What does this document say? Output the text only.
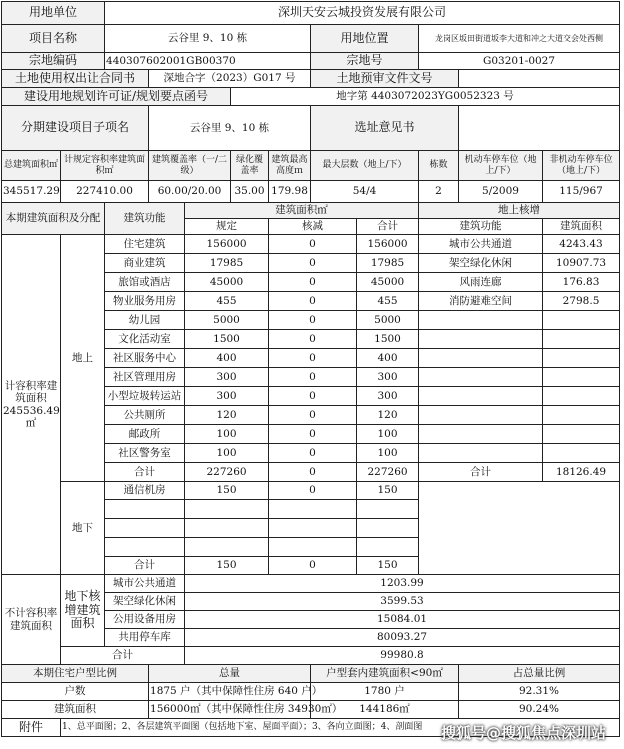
用地单位		深圳天安云城投资发展有限公司									
项目名称		云谷里 9、10 栋					用地位置		龙岗区坂田街道坂李大道和冲之大道交会处西侧		
宗地编码		440307602001GB00370					宗地号		G03201-0027		
土地使用权出让合同书			深地合字（2023）G017 号				土地预审文件文号				
建设用地规划许可证/规划要点函号					地字第 4403072023YG0052323 号						
分期建设项目子项名			云谷里 9、10 栋				选址意见书				
总建筑面积㎡	计规定容积率建筑面积㎡		建筑覆盖率（一/二级）		绿化覆盖率	建筑最高高度ｍ	最大层数（地上/下）		栋数	机动车停车位（地上/下）	非机动车停车位（地上/下）
345517.29	227410.00		60.00/20.00		35.00	179.98	54/4		2	5/2009	115/967
本期建筑面积及分配		建筑功能		建筑面积㎡					地上核增		
				规定		核减		合计	建筑功能		建筑面积
计容积率建筑面积 245536.49㎡	地上	住宅建筑		156000		0		156000	城市公共通道		4243.43
		商业建筑		17985		0		17985	架空绿化休闲		10907.73
		旅馆或酒店		45000		0		45000	风雨连廊		176.83
		物业服务用房		455		0		455	消防避难空间		2798.5
		幼儿园		5000		0		5000			
		文化活动室		1500		0		1500			
		社区服务中心		400		0		400			
		社区管理用房		300		0		300			
		小型垃圾转运站		300		0		300			
		公共厕所		120		0		120			
		邮政所		100		0		100			
		社区警务室		100		0		100			
		合计		227260		0		227260	合计		18126.49
	地下	通信机房		150		0		150			

		合计		150		0		150			
不计容积率建筑面积	地下核增建筑面积	城市公共通道		1203.99							
		架空绿化休闲		3599.53							
		公用设备用房		15084.01							
		共用停车库		80093.27							
	合计			99980.8							
本期住宅户型比例			总量				户型套内建筑面积<90㎡			占总量比例	
户数			1875 户（其中保障性住房 640 户）				1780 户			92.31%	
建筑面积			156000㎡（其中保障性住房 34930㎡）				144186㎡			90.24%	
附件	1、总平面图；2、各层建筑平面图（包括地下室、屋面平面）；3、各向立面图；4、剖面图										搜狐号@搜狐焦点深圳站
